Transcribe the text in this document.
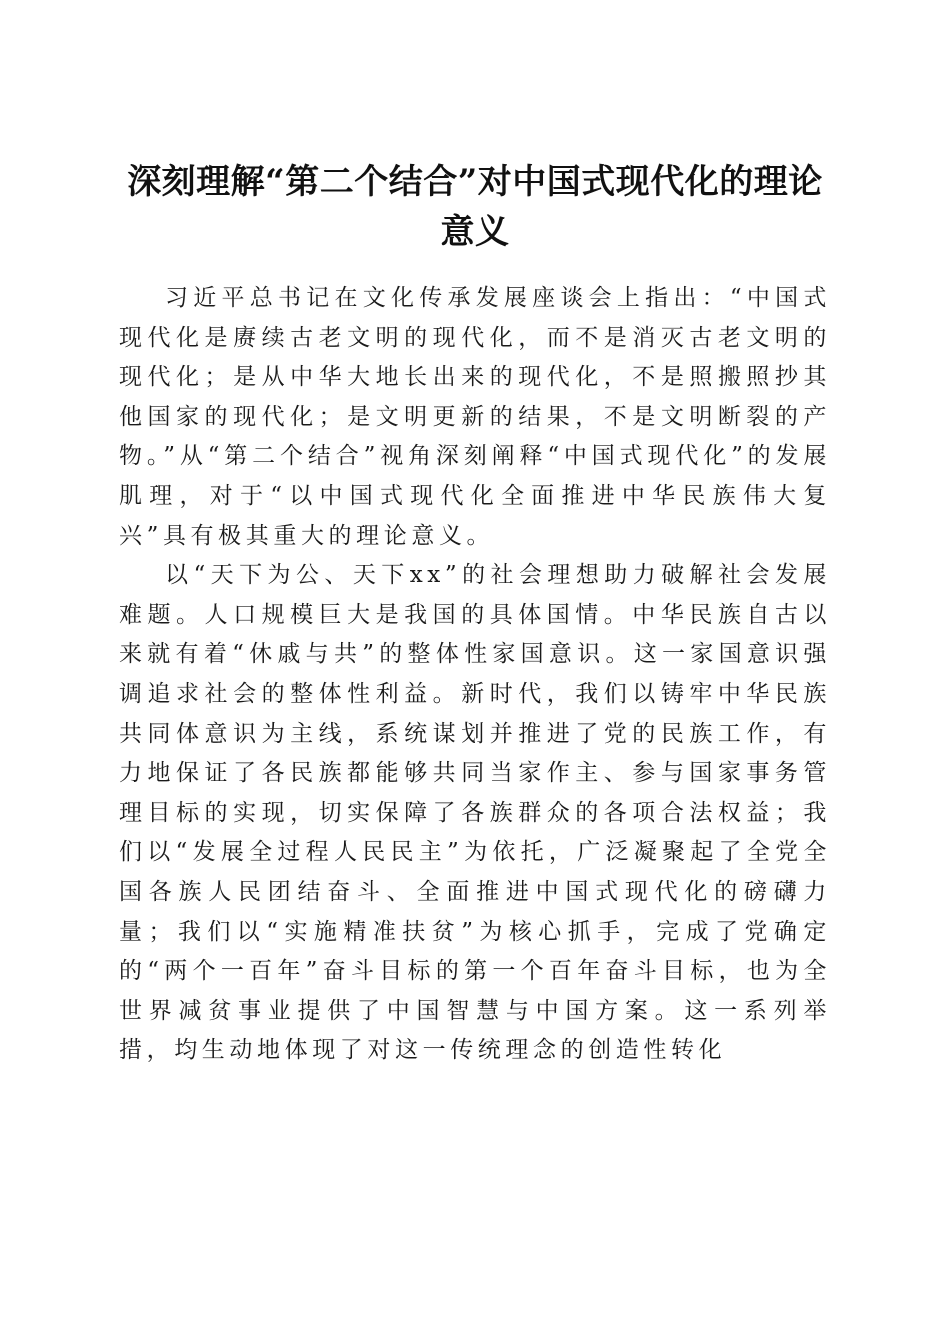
深刻理解“第二个结合”对中国式现代化的理论意义

习近平总书记在文化传承发展座谈会上指出：“中国式现代化是赓续古老文明的现代化，而不是消灭古老文明的现代化；是从中华大地长出来的现代化，不是照搬照抄其他国家的现代化；是文明更新的结果，不是文明断裂的产物。”从“第二个结合”视角深刻阐释“中国式现代化”的发展肌理，对于“以中国式现代化全面推进中华民族伟大复兴”具有极其重大的理论意义。

以“天下为公、天下xx”的社会理想助力破解社会发展难题。人口规模巨大是我国的具体国情。中华民族自古以来就有着“休戚与共”的整体性家国意识。这一家国意识强调追求社会的整体性利益。新时代，我们以铸牢中华民族共同体意识为主线，系统谋划并推进了党的民族工作，有力地保证了各民族都能够共同当家作主、参与国家事务管理目标的实现，切实保障了各族群众的各项合法权益；我们以“发展全过程人民民主”为依托，广泛凝聚起了全党全国各族人民团结奋斗、全面推进中国式现代化的磅礴力量；我们以“实施精准扶贫”为核心抓手，完成了党确定的“两个一百年”奋斗目标的第一个百年奋斗目标，也为全世界减贫事业提供了中国智慧与中国方案。这一系列举措，均生动地体现了对这一传统理念的创造性转化
